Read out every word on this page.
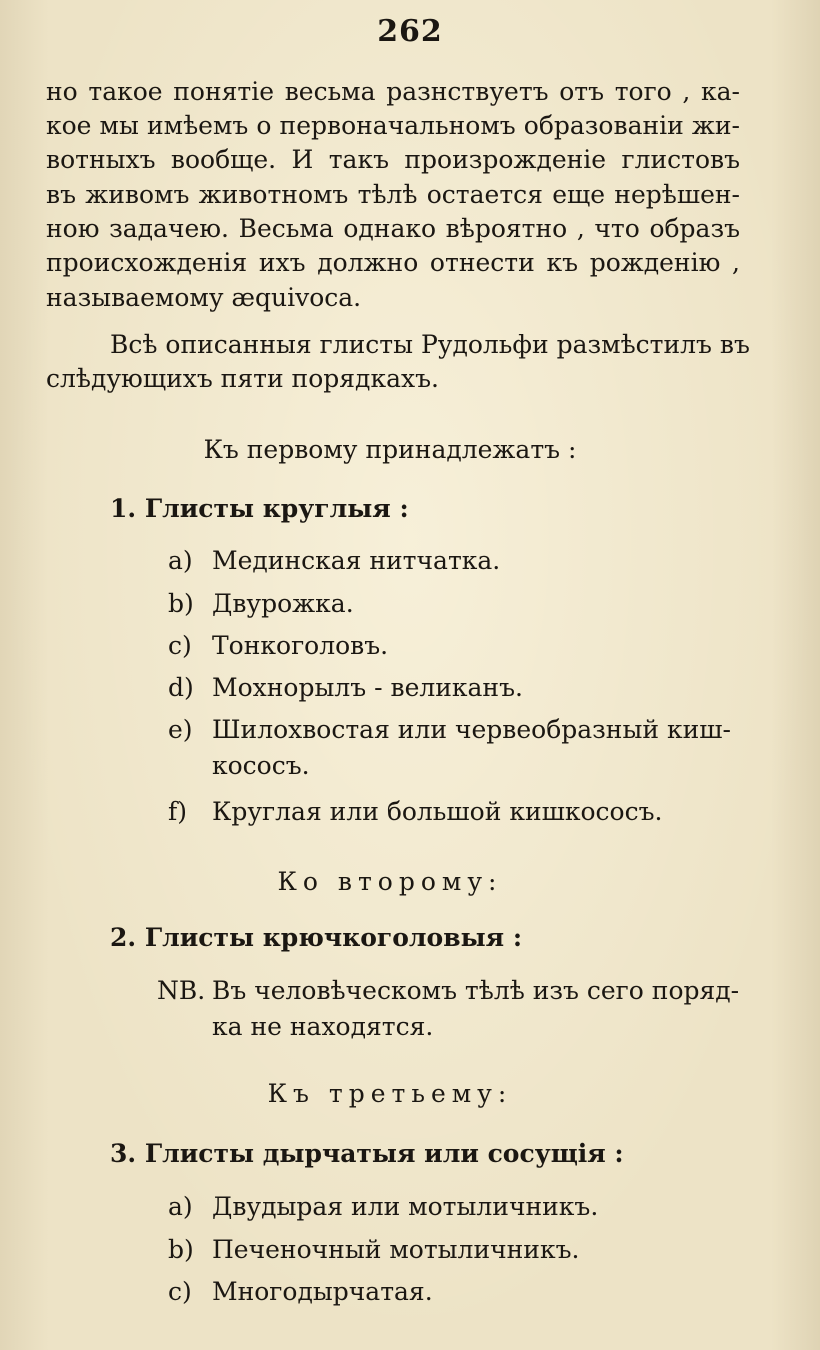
262
но такое понятіе весьма разнствуетъ отъ того , ка-
кое мы имѣемъ о первоначальномъ образованіи жи-
вотныхъ вообще. И такъ произрожденіе глистовъ
въ живомъ животномъ тѣлѣ остается еще нерѣшен-
ною задачею. Весьма однако вѣроятно , что образъ
происхожденія ихъ должно отнести къ рожденію ,
называемому æquivoca.
Всѣ описанныя глисты Рудольфи размѣстилъ въ
слѣдующихъ пяти порядкахъ.
Къ первому принадлежатъ :
1. Глисты круглыя :
a) Мединская нитчатка.
b) Двурожка.
c) Тонкоголовъ.
d) Мохнорылъ - великанъ.
e) Шилохвостая или червеобразный киш-
кососъ.
f) Круглая или большой кишкососъ.
Ко второму:
2. Глисты крючкоголовыя :
NB. Въ человѣческомъ тѣлѣ изъ сего поряд-
ка не находятся.
Къ третьему:
3. Глисты дырчатыя или сосущія :
a) Двудырая или мотыличникъ.
b) Печеночный мотыличникъ.
c) Многодырчатая.
